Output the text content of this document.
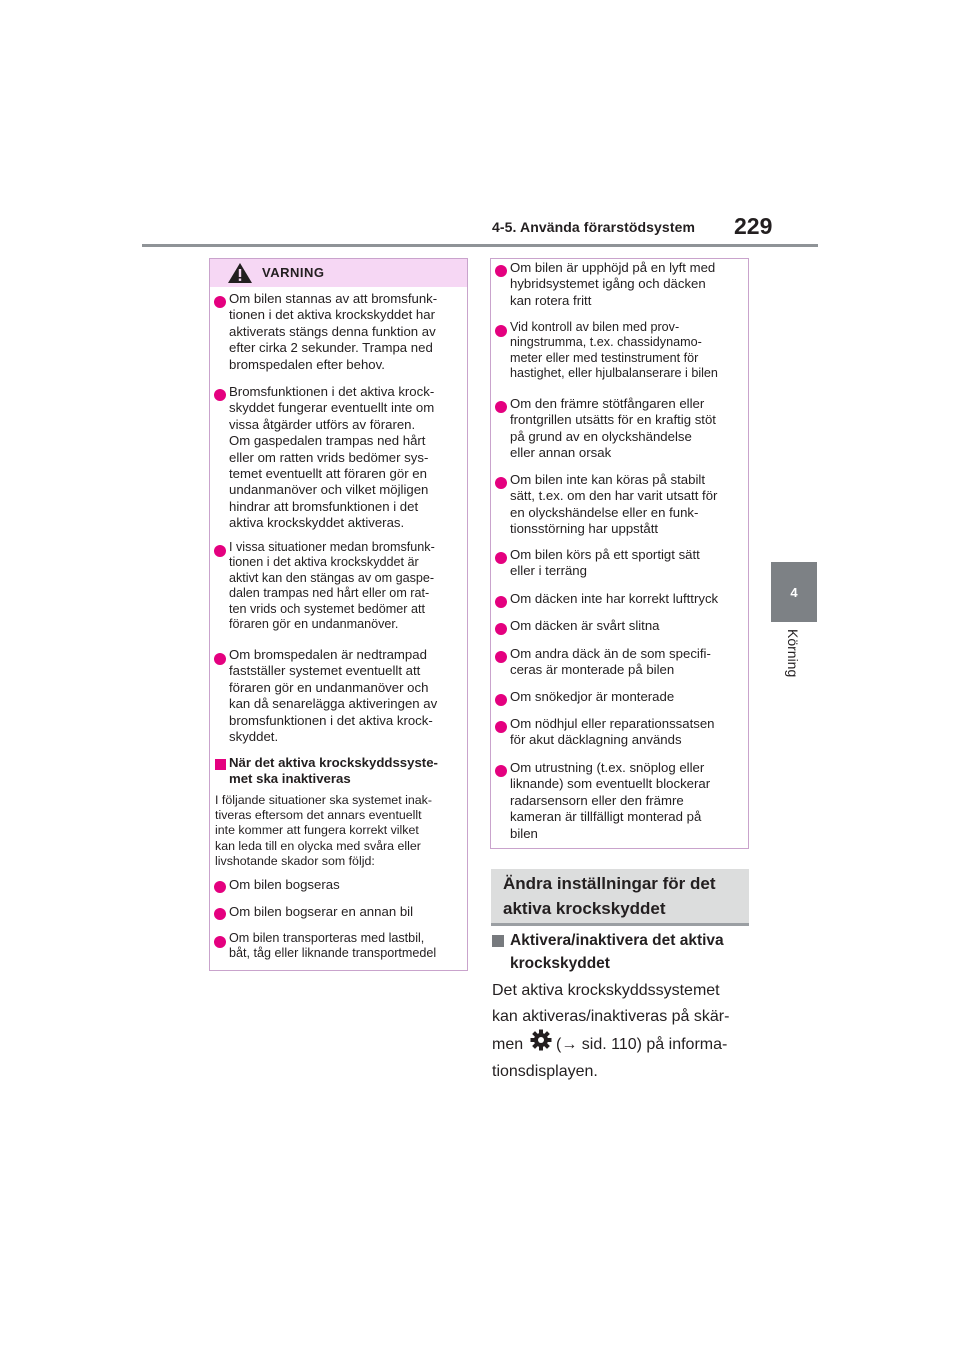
4-5. Använda förarstödsystem 229
4
Körning
VARNING
Om bilen stannas av att bromsfunk-
tionen i det aktiva krockskyddet har
aktiverats stängs denna funktion av
efter cirka 2 sekunder. Trampa ned
bromspedalen efter behov.
Bromsfunktionen i det aktiva krock-
skyddet fungerar eventuellt inte om
vissa åtgärder utförs av föraren.
Om gaspedalen trampas ned hårt
eller om ratten vrids bedömer sys-
temet eventuellt att föraren gör en
undanmanöver och vilket möjligen
hindrar att bromsfunktionen i det
aktiva krockskyddet aktiveras.
I vissa situationer medan bromsfunk-
tionen i det aktiva krockskyddet är
aktivt kan den stängas av om gaspe-
dalen trampas ned hårt eller om rat-
ten vrids och systemet bedömer att
föraren gör en undanmanöver.
Om bromspedalen är nedtrampad
fastställer systemet eventuellt att
föraren gör en undanmanöver och
kan då senarelägga aktiveringen av
bromsfunktionen i det aktiva krock-
skyddet.
När det aktiva krockskyddssyste-
met ska inaktiveras
I följande situationer ska systemet inak-
tiveras eftersom det annars eventuellt
inte kommer att fungera korrekt vilket
kan leda till en olycka med svåra eller
livshotande skador som följd:
Om bilen bogseras
Om bilen bogserar en annan bil
Om bilen transporteras med lastbil,
båt, tåg eller liknande transportmedel
Om bilen är upphöjd på en lyft med
hybridsystemet igång och däcken
kan rotera fritt
Vid kontroll av bilen med prov-
ningstrumma, t.ex. chassidynamo-
meter eller med testinstrument för
hastighet, eller hjulbalanserare i bilen
Om den främre stötfångaren eller
frontgrillen utsätts för en kraftig stöt
på grund av en olyckshändelse
eller annan orsak
Om bilen inte kan köras på stabilt
sätt, t.ex. om den har varit utsatt för
en olyckshändelse eller en funk-
tionsstörning har uppstått
Om bilen körs på ett sportigt sätt
eller i terräng
Om däcken inte har korrekt lufttryck
Om däcken är svårt slitna
Om andra däck än de som specifi-
ceras är monterade på bilen
Om snökedjor är monterade
Om nödhjul eller reparationssatsen
för akut däcklagning används
Om utrustning (t.ex. snöplog eller
liknande) som eventuellt blockerar
radarsensorn eller den främre
kameran är tillfälligt monterad på
bilen
Ändra inställningar för det
aktiva krockskyddet
Aktivera/inaktivera det aktiva
krockskyddet
Det aktiva krockskyddssystemet
kan aktiveras/inaktiveras på skär-
men (→ sid. 110) på informa-
tionsdisplayen.
